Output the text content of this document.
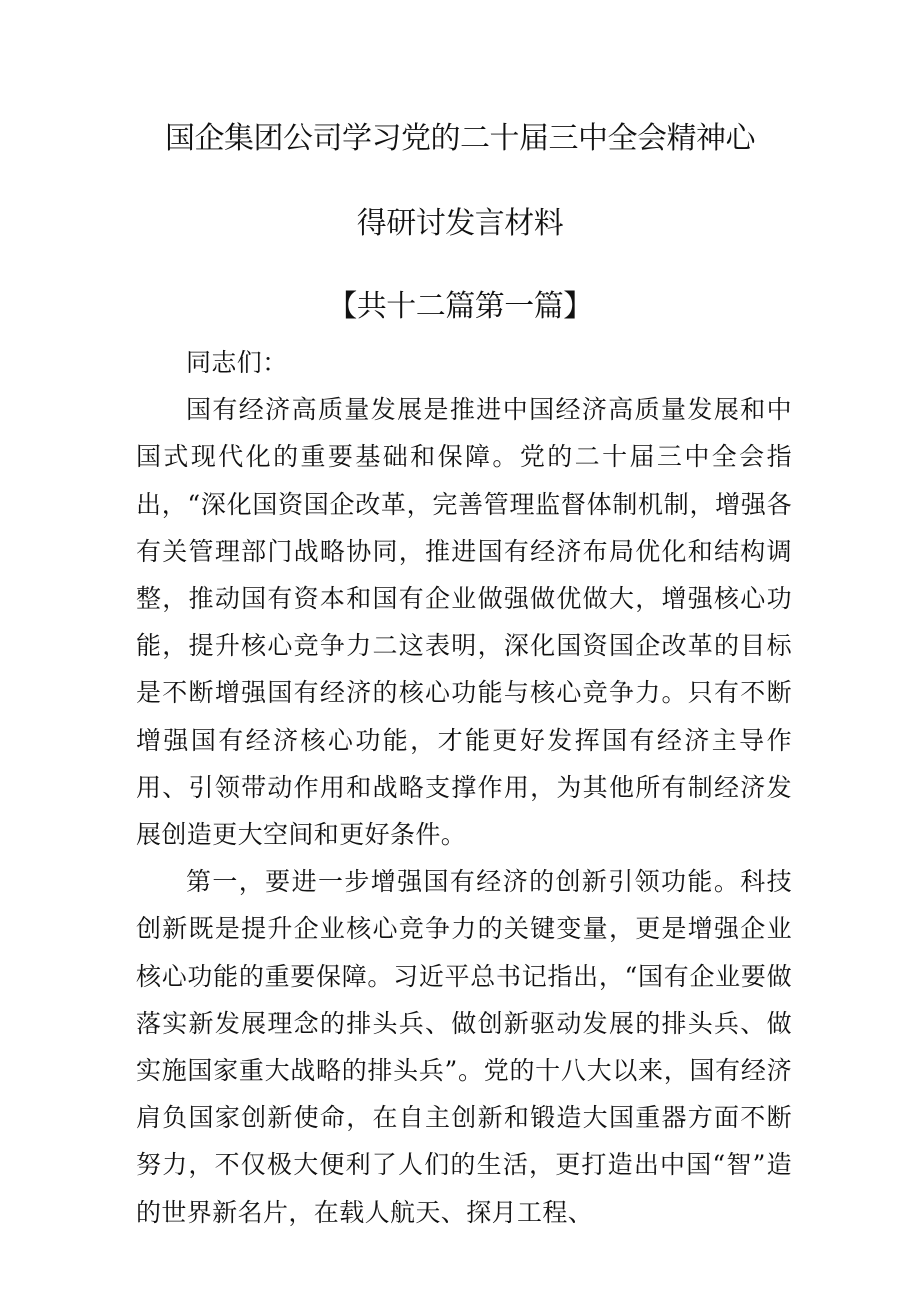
国企集团公司学习党的二十届三中全会精神心
得研讨发言材料
【共十二篇第一篇】

同志们：

国有经济高质量发展是推进中国经济高质量发展和中国式现代化的重要基础和保障。党的二十届三中全会指出，“深化国资国企改革，完善管理监督体制机制，增强各有关管理部门战略协同，推进国有经济布局优化和结构调整，推动国有资本和国有企业做强做优做大，增强核心功能，提升核心竞争力二这表明，深化国资国企改革的目标是不断增强国有经济的核心功能与核心竞争力。只有不断增强国有经济核心功能，才能更好发挥国有经济主导作用、引领带动作用和战略支撑作用，为其他所有制经济发展创造更大空间和更好条件。

第一，要进一步增强国有经济的创新引领功能。科技创新既是提升企业核心竞争力的关键变量，更是增强企业核心功能的重要保障。习近平总书记指出，“国有企业要做落实新发展理念的排头兵、做创新驱动发展的排头兵、做实施国家重大战略的排头兵”。党的十八大以来，国有经济肩负国家创新使命，在自主创新和锻造大国重器方面不断努力，不仅极大便利了人们的生活，更打造出中国“智”造的世界新名片，在载人航天、探月工程、
